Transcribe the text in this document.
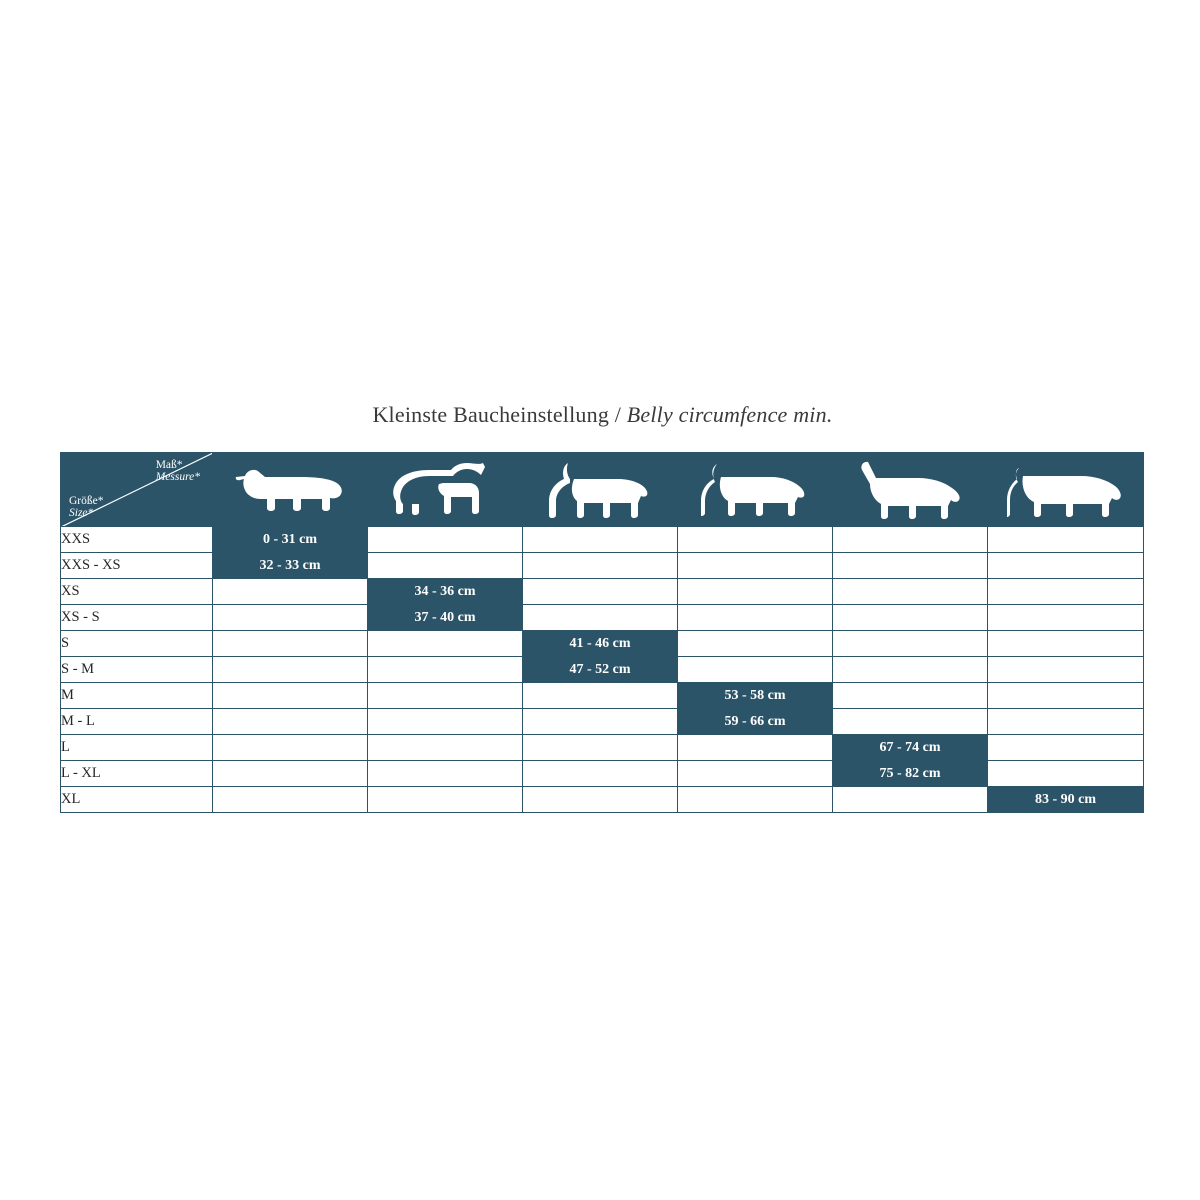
Kleinste Baucheinstellung / Belly circumfence min.
Größe*
Size*
Maß*
Messure*

XXS	0 - 31 cm					
XXS - XS	32 - 33 cm					
XS		34 - 36 cm				
XS - S		37 - 40 cm				
S			41 - 46 cm			
S - M			47 - 52 cm			
M				53 - 58 cm		
M - L				59 - 66 cm		
L					67 - 74 cm	
L - XL					75 - 82 cm	
XL						83 - 90 cm
